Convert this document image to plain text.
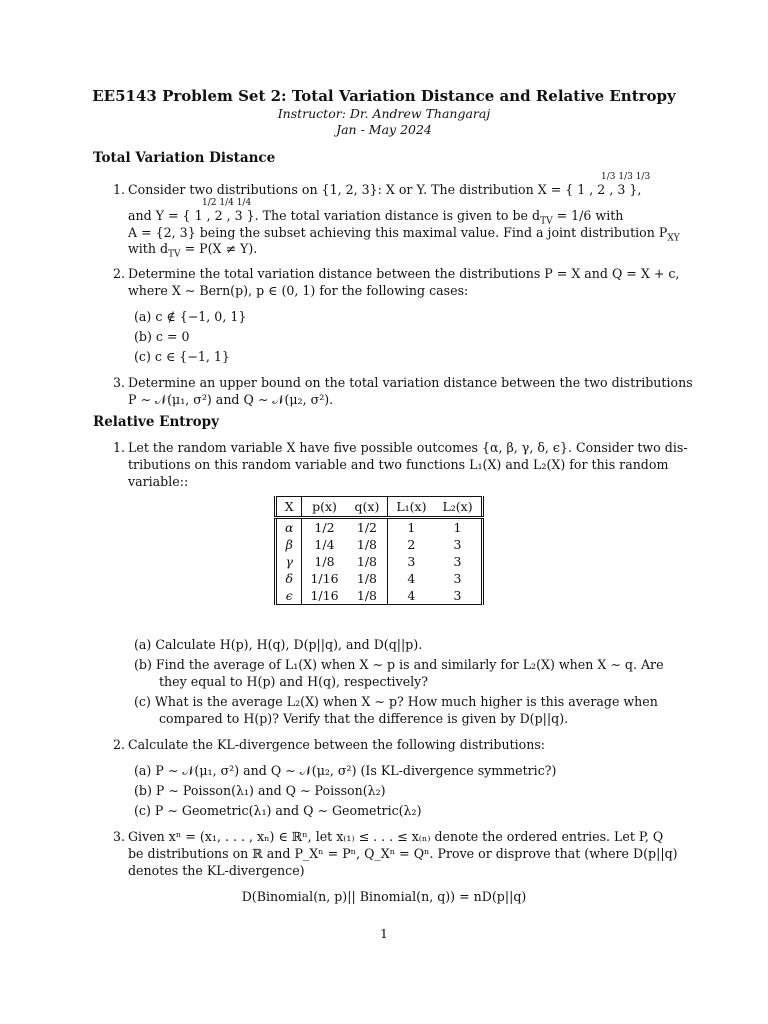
EE5143 Problem Set 2: Total Variation Distance and Relative Entropy
Instructor: Dr. Andrew Thangaraj
Jan - May 2024
Total Variation Distance
1/3 1/3 1/3
1. Consider two distributions on {1, 2, 3}: X or Y. The distribution X = { 1 , 2 , 3 },
1/2 1/4 1/4
and Y = { 1 , 2 , 3 }. The total variation distance is given to be $d_{TV} = 1/6$ with
A = {2, 3} being the subset achieving this maximal value. Find a joint distribution $P_{XY}$
with $d_{TV} = P(X \ne Y)$.
2. Determine the total variation distance between the distributions P = X and Q = X + c,
where X ∼ Bern(p), p ∈ (0, 1) for the following cases:
(a) c ∉ {−1, 0, 1}
(b) c = 0
(c) c ∈ {−1, 1}
3. Determine an upper bound on the total variation distance between the two distributions
P ∼ 𝒩(μ₁, σ²) and Q ∼ 𝒩(μ₂, σ²).
Relative Entropy
1. Let the random variable X have five possible outcomes {α, β, γ, δ, ϵ}. Consider two dis-
tributions on this random variable and two functions L₁(X) and L₂(X) for this random
variable::
X	p(x)	q(x)	L₁(x)	L₂(x)
α	1/2	1/2	1	1
β	1/4	1/8	2	3
γ	1/8	1/8	3	3
δ	1/16	1/8	4	3
ϵ	1/16	1/8	4	3
(a) Calculate H(p), H(q), D(p||q), and D(q||p).
(b) Find the average of L₁(X) when X ∼ p is and similarly for L₂(X) when X ∼ q. Are
they equal to H(p) and H(q), respectively?
(c) What is the average L₂(X) when X ∼ p? How much higher is this average when
compared to H(p)? Verify that the difference is given by D(p||q).
2. Calculate the KL-divergence between the following distributions:
(a) P ∼ 𝒩(μ₁, σ²) and Q ∼ 𝒩(μ₂, σ²) (Is KL-divergence symmetric?)
(b) P ∼ Poisson(λ₁) and Q ∼ Poisson(λ₂)
(c) P ∼ Geometric(λ₁) and Q ∼ Geometric(λ₂)
3. Given xⁿ = (x₁, . . . , xₙ) ∈ ℝⁿ, let x₍₁₎ ≤ . . . ≤ x₍ₙ₎ denote the ordered entries. Let P, Q
be distributions on ℝ and P_Xⁿ = Pⁿ, Q_Xⁿ = Qⁿ. Prove or disprove that (where D(p||q)
denotes the KL-divergence)
D(Binomial(n, p)|| Binomial(n, q)) = nD(p||q)
1
